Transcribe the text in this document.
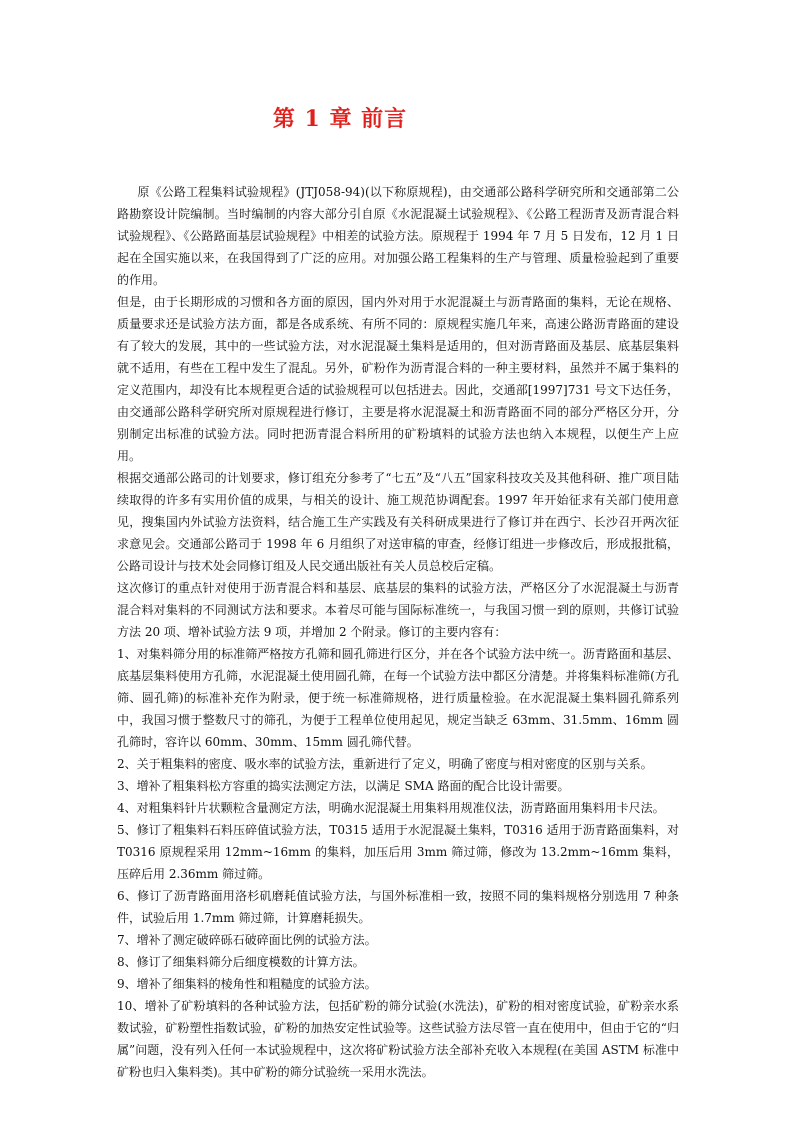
第 1 章 前言

原《公路工程集料试验规程》(JTJ058-94)(以下称原规程)，由交通部公路科学研究所和交通部第二公路勘察设计院编制。当时编制的内容大部分引自原《水泥混凝土试验规程》、《公路工程沥青及沥青混合料试验规程》、《公路路面基层试验规程》中相差的试验方法。原规程于 1994 年 7 月 5 日发布，12 月 1 日起在全国实施以来，在我国得到了广泛的应用。对加强公路工程集料的生产与管理、质量检验起到了重要的作用。

但是，由于长期形成的习惯和各方面的原因，国内外对用于水泥混凝土与沥青路面的集料，无论在规格、质量要求还是试验方法方面，都是各成系统、有所不同的：原规程实施几年来，高速公路沥青路面的建设有了较大的发展，其中的一些试验方法，对水泥混凝土集料是适用的，但对沥青路面及基层、底基层集料就不适用，有些在工程中发生了混乱。另外，矿粉作为沥青混合料的一种主要材料，虽然并不属于集料的定义范围内，却没有比本规程更合适的试验规程可以包括进去。因此，交通部[1997]731 号文下达任务，由交通部公路科学研究所对原规程进行修订，主要是将水泥混凝土和沥青路面不同的部分严格区分开，分别制定出标准的试验方法。同时把沥青混合料所用的矿粉填料的试验方法也纳入本规程，以便生产上应用。

根据交通部公路司的计划要求，修订组充分参考了“七五”及“八五”国家科技攻关及其他科研、推广项目陆续取得的许多有实用价值的成果，与相关的设计、施工规范协调配套。1997 年开始征求有关部门使用意见，搜集国内外试验方法资料，结合施工生产实践及有关科研成果进行了修订并在西宁、长沙召开两次征求意见会。交通部公路司于 1998 年 6 月组织了对送审稿的审查，经修订组进一步修改后，形成报批稿，公路司设计与技术处会同修订组及人民交通出版社有关人员总校后定稿。

这次修订的重点针对使用于沥青混合料和基层、底基层的集料的试验方法，严格区分了水泥混凝土与沥青混合料对集料的不同测试方法和要求。本着尽可能与国际标准统一，与我国习惯一到的原则，共修订试验方法 20 项、增补试验方法 9 项，并增加 2 个附录。修订的主要内容有：

1、对集料筛分用的标准筛严格按方孔筛和圆孔筛进行区分，并在各个试验方法中统一。沥青路面和基层、底基层集料使用方孔筛，水泥混凝土使用圆孔筛，在每一个试验方法中都区分清楚。并将集料标准筛(方孔筛、圆孔筛)的标准补充作为附录，便于统一标准筛规格，进行质量检验。在水泥混凝土集料圆孔筛系列中，我国习惯于整数尺寸的筛孔，为便于工程单位使用起见，规定当缺乏 63mm、31.5mm、16mm 圆孔筛时，容许以 60mm、30mm、15mm 圆孔筛代替。

2、关于粗集料的密度、吸水率的试验方法，重新进行了定义，明确了密度与相对密度的区别与关系。

3、增补了粗集料松方容重的捣实法测定方法，以满足 SMA 路面的配合比设计需要。

4、对粗集料针片状颗粒含量测定方法，明确水泥混凝土用集料用规准仪法，沥青路面用集料用卡尺法。

5、修订了粗集料石料压碎值试验方法，T0315 适用于水泥混凝土集料，T0316 适用于沥青路面集料，对 T0316 原规程采用 12mm~16mm 的集料，加压后用 3mm 筛过筛，修改为 13.2mm~16mm 集料，压碎后用 2.36mm 筛过筛。

6、修订了沥青路面用洛杉矶磨耗值试验方法，与国外标准相一致，按照不同的集料规格分别选用 7 种条件，试验后用 1.7mm 筛过筛，计算磨耗损失。

7、增补了测定破碎砾石破碎面比例的试验方法。

8、修订了细集料筛分后细度模数的计算方法。

9、增补了细集料的棱角性和粗糙度的试验方法。

10、增补了矿粉填料的各种试验方法，包括矿粉的筛分试验(水洗法)，矿粉的相对密度试验，矿粉亲水系数试验，矿粉塑性指数试验，矿粉的加热安定性试验等。这些试验方法尽管一直在使用中，但由于它的“归属”问题，没有列入任何一本试验规程中，这次将矿粉试验方法全部补充收入本规程(在美国 ASTM 标准中矿粉也归入集料类)。其中矿粉的筛分试验统一采用水洗法。
